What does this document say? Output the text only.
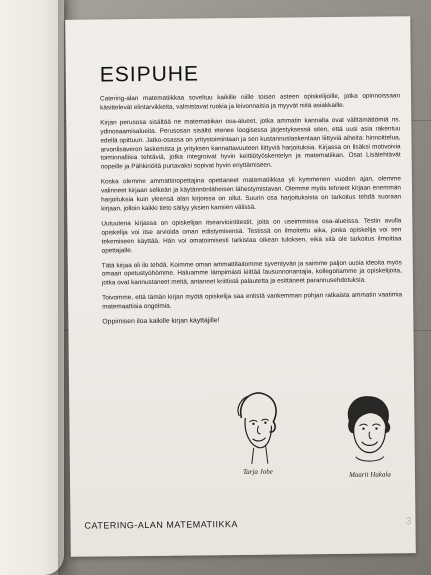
ESIPUHE

Catering-alan matematiikkaa soveltuu kaikille niille toisen asteen opiskelijoille, jotka opinnoissaan käsittelevät elintarvikkeita, valmistavat ruokia ja leivonnaisia ja myyvät niitä asiakkaille.

Kirjan perusosa sisältää ne matematiikan osa-alueet, jotka ammatin kannalta ovat välttämättömiä ns. ydinosaamisalueita. Perusosan sisältö etenee loogisessa järjestyksessä siten, että uusi asia rakentuu edellä opittuun. Jatko-osassa on yritystoimintaan ja sen kustannuslaskentaan liittyviä aiheita: hinnoittelua, arvonlisäveron laskemista ja yrityksen kannattavuuteen liittyviä harjoituksia. Kirjassa on lisäksi motivoivia toiminnallisia tehtäviä, jotka integroivat hyvin keittiötyöskentelyn ja matematiikan. Osat Lisätehtävät nopeille ja Pähkinöitä purtavaksi sopivat hyvin eriyttämiseen.

Koska olemme ammattinopettajina opettaneet matematiikkaa yli kymmenen vuoden ajan, olemme valinneet kirjaan selkeän ja käytännönläheisen lähestymistavan. Olemme myös tehneet kirjaan enemmän harjoituksia kuin yleensä alan kirjoissa on ollut. Suurin osa harjoituksista on tarkoitus tehdä suoraan kirjaan, jolloin kaikki tieto säilyy yksien kansien välissä.

Uutuutena kirjassa on opiskelijan itsearviointitestit, joita on useimmissa osa-alueissa. Testin avulla opiskelija voi itse arvioida oman edistymisensä. Testissä on ilmoitettu aika, jonka opiskelija voi sen tekemiseen käyttää. Hän voi omatoimisesti tarkistaa oikean tuloksen, eikä sitä ole tarkoitus ilmoittaa opettajalle.

Tätä kirjaa oli ilo tehdä. Koimme oman ammattitaitomme syventyvän ja saimme paljon uusia ideoita myös omaan opetustyöhömme. Haluamme lämpimästi kiittää lausunnonantajia, kollegoitamme ja opiskelijoita, jotka ovat kannustaneet meitä, antaneet kriittistä palautetta ja esittäneet parannusehdotuksia.

Toivomme, että tämän kirjan myötä opiskelija saa entistä vankemman pohjan ratkaista ammatin vaatimia matemaattisia ongelmia.

Oppimisen iloa kaikille kirjan käyttäjille!

Tarja Jobe	Maarit Hakala
CATERING-ALAN MATEMATIIKKA	3
